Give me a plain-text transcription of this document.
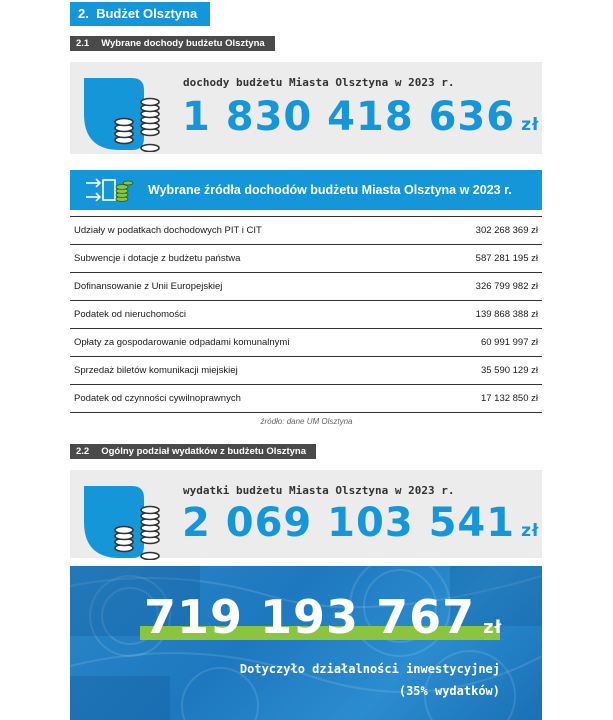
2. Budżet Olsztyna
2.1 Wybrane dochody budżetu Olsztyna
dochody budżetu Miasta Olsztyna w 2023 r.
1 830 418 636 zł
Wybrane źródła dochodów budżetu Miasta Olsztyna w 2023 r.
Udziały w podatkach dochodowych PIT i CIT	302 268 369 zł
Subwencje i dotacje z budżetu państwa	587 281 195 zł
Dofinansowanie z Unii Europejskiej	326 799 982 zł
Podatek od nieruchomości	139 868 388 zł
Opłaty za gospodarowanie odpadami komunalnymi	60 991 997 zł
Sprzedaż biletów komunikacji miejskiej	35 590 129 zł
Podatek od czynności cywilnoprawnych	17 132 850 zł
źródło: dane UM Olsztyna
2.2 Ogólny podział wydatków z budżetu Olsztyna
wydatki budżetu Miasta Olsztyna w 2023 r.
2 069 103 541 zł
719 193 767 zł
Dotyczyło działalności inwestycyjnej
(35% wydatków)
